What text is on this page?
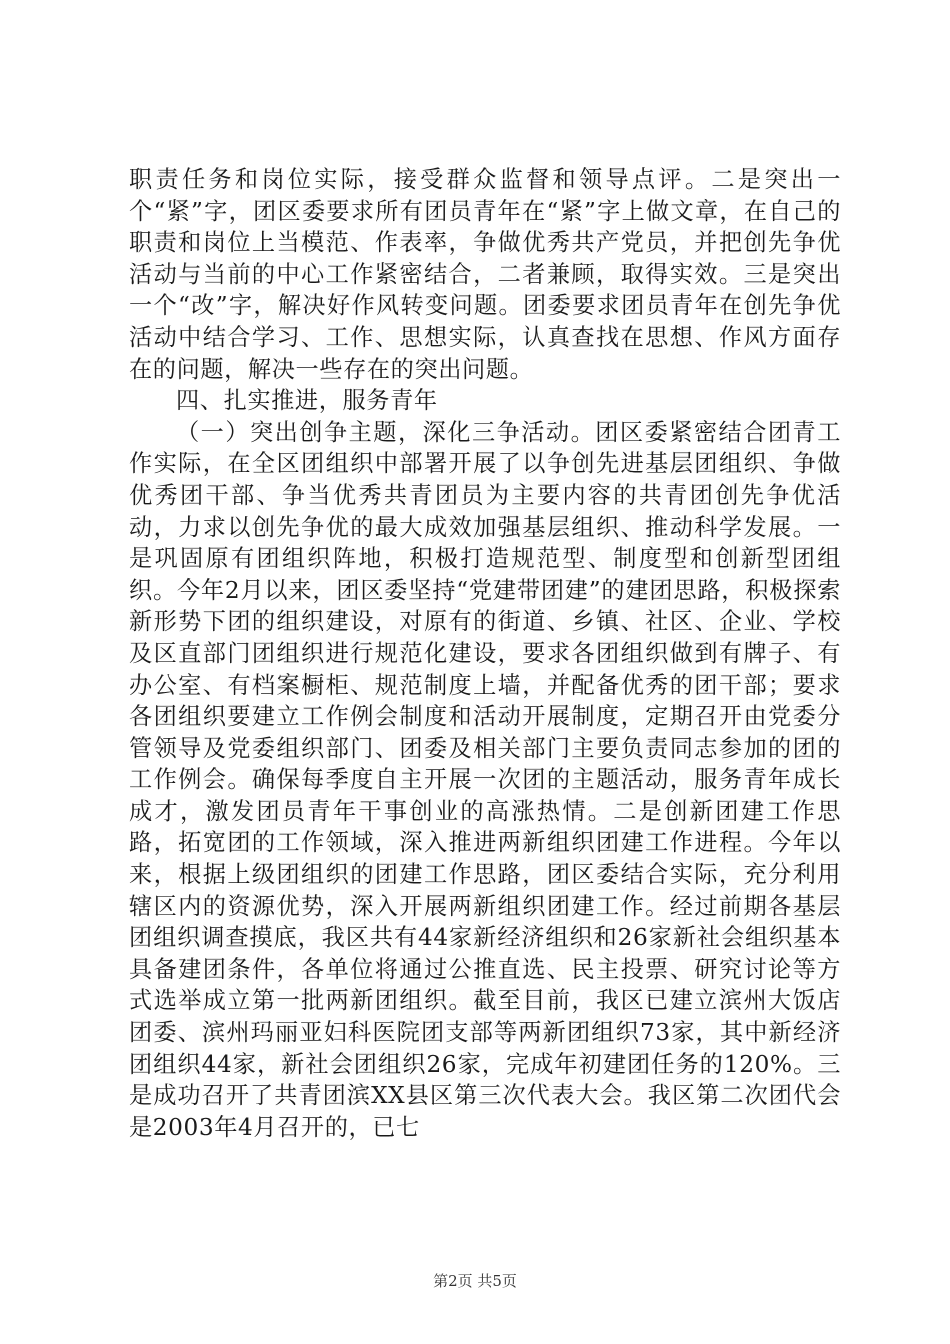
职责任务和岗位实际，接受群众监督和领导点评。二是突出一个“紧”字，团区委要求所有团员青年在“紧”字上做文章，在自己的职责和岗位上当模范、作表率，争做优秀共产党员，并把创先争优活动与当前的中心工作紧密结合，二者兼顾，取得实效。三是突出一个“改”字，解决好作风转变问题。团委要求团员青年在创先争优活动中结合学习、工作、思想实际，认真查找在思想、作风方面存在的问题，解决一些存在的突出问题。

四、扎实推进，服务青年

（一）突出创争主题，深化三争活动。团区委紧密结合团青工作实际，在全区团组织中部署开展了以争创先进基层团组织、争做优秀团干部、争当优秀共青团员为主要内容的共青团创先争优活动，力求以创先争优的最大成效加强基层组织、推动科学发展。一是巩固原有团组织阵地，积极打造规范型、制度型和创新型团组织。今年2月以来，团区委坚持“党建带团建”的建团思路，积极探索新形势下团的组织建设，对原有的街道、乡镇、社区、企业、学校及区直部门团组织进行规范化建设，要求各团组织做到有牌子、有办公室、有档案橱柜、规范制度上墙，并配备优秀的团干部；要求各团组织要建立工作例会制度和活动开展制度，定期召开由党委分管领导及党委组织部门、团委及相关部门主要负责同志参加的团的工作例会。确保每季度自主开展一次团的主题活动，服务青年成长成才，激发团员青年干事创业的高涨热情。二是创新团建工作思路，拓宽团的工作领域，深入推进两新组织团建工作进程。今年以来，根据上级团组织的团建工作思路，团区委结合实际，充分利用辖区内的资源优势，深入开展两新组织团建工作。经过前期各基层团组织调查摸底，我区共有44家新经济组织和26家新社会组织基本具备建团条件，各单位将通过公推直选、民主投票、研究讨论等方式选举成立第一批两新团组织。截至目前，我区已建立滨州大饭店团委、滨州玛丽亚妇科医院团支部等两新团组织73家，其中新经济团组织44家，新社会团组织26家，完成年初建团任务的120%。三是成功召开了共青团滨XX县区第三次代表大会。我区第二次团代会是2003年4月召开的，已七

第2页 共5页
